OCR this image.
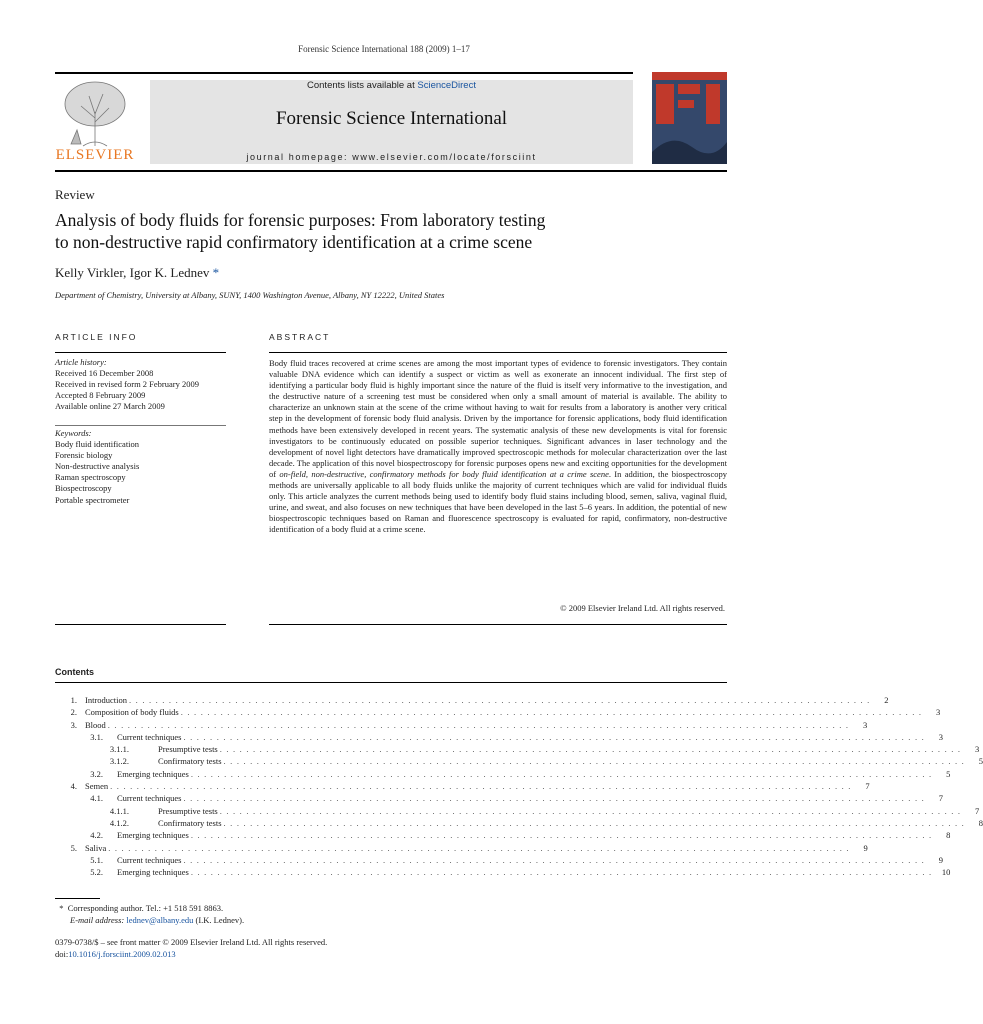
Forensic Science International 188 (2009) 1–17
ELSEVIER
Contents lists available at ScienceDirect
Forensic Science International
journal homepage: www.elsevier.com/locate/forsciint
Review
Analysis of body fluids for forensic purposes: From laboratory testing
to non-destructive rapid confirmatory identification at a crime scene
Kelly Virkler, Igor K. Lednev *
Department of Chemistry, University at Albany, SUNY, 1400 Washington Avenue, Albany, NY 12222, United States
ARTICLE INFO	ABSTRACT
Article history:
Received 16 December 2008
Received in revised form 2 February 2009
Accepted 8 February 2009
Available online 27 March 2009
Keywords:
Body fluid identification
Forensic biology
Non-destructive analysis
Raman spectroscopy
Biospectroscopy
Portable spectrometer
Body fluid traces recovered at crime scenes are among the most important types of evidence to forensic investigators. They contain valuable DNA evidence which can identify a suspect or victim as well as exonerate an innocent individual. The first step of identifying a particular body fluid is highly important since the nature of the fluid is itself very informative to the investigation, and the destructive nature of a screening test must be considered when only a small amount of material is available. The ability to characterize an unknown stain at the scene of the crime without having to wait for results from a laboratory is another very critical step in the development of forensic body fluid analysis. Driven by the importance for forensic applications, body fluid identification methods have been extensively developed in recent years. The systematic analysis of these new developments is vital for forensic investigators to be continuously educated on possible superior techniques. Significant advances in laser technology and the development of novel light detectors have dramatically improved spectroscopic methods for molecular characterization over the last decade. The application of this novel biospectroscopy for forensic purposes opens new and exciting opportunities for the development of on-field, non-destructive, confirmatory methods for body fluid identification at a crime scene. In addition, the biospectroscopy methods are universally applicable to all body fluids unlike the majority of current techniques which are valid for individual fluids only. This article analyzes the current methods being used to identify body fluid stains including blood, semen, saliva, vaginal fluid, urine, and sweat, and also focuses on new techniques that have been developed in the last 5–6 years. In addition, the potential of new biospectroscopic techniques based on Raman and fluorescence spectroscopy is evaluated for rapid, confirmatory, non-destructive identification of a body fluid at a crime scene.
© 2009 Elsevier Ireland Ltd. All rights reserved.
Contents
1. Introduction . . . . . . . . . . . . . . . . . . . . . . . . . . . . . . . . . . . . . . . . . . . . . . . . . . . . . . . . . . . . . . . . . . . . . . . . . . . . . . . . . . . . . . . . . . . . . . . . . . . . . . . . . . . . . . . .	2
2. Composition of body fluids . . . . . . . . . . . . . . . . . . . . . . . . . . . . . . . . . . . . . . . . . . . . . . . . . . . . . . . . . . . . . . . . . . . . . . . . . . . . . . . . . . . . . . . . . . . . . . . . . . . . . . . . . . . . . . . .	3
3. Blood . . . . . . . . . . . . . . . . . . . . . . . . . . . . . . . . . . . . . . . . . . . . . . . . . . . . . . . . . . . . . . . . . . . . . . . . . . . . . . . . . . . . . . . . . . . . . . . . . . . . . . . . . . . . . . . .	3
3.1.	Current techniques . . . . . . . . . . . . . . . . . . . . . . . . . . . . . . . . . . . . . . . . . . . . . . . . . . . . . . . . . . . . . . . . . . . . . . . . . . . . . . . . . . . . . . . . . . . . . . . . . . . . . . . . . . . . . . . .	3
3.1.1.	Presumptive tests . . . . . . . . . . . . . . . . . . . . . . . . . . . . . . . . . . . . . . . . . . . . . . . . . . . . . . . . . . . . . . . . . . . . . . . . . . . . . . . . . . . . . . . . . . . . . . . . . . . . . . . . . . . . . . . .	3
3.1.2.	Confirmatory tests . . . . . . . . . . . . . . . . . . . . . . . . . . . . . . . . . . . . . . . . . . . . . . . . . . . . . . . . . . . . . . . . . . . . . . . . . . . . . . . . . . . . . . . . . . . . . . . . . . . . . . . . . . . . . . . .	5
3.2.	Emerging techniques . . . . . . . . . . . . . . . . . . . . . . . . . . . . . . . . . . . . . . . . . . . . . . . . . . . . . . . . . . . . . . . . . . . . . . . . . . . . . . . . . . . . . . . . . . . . . . . . . . . . . . . . . . . . . . . .	5
4. Semen . . . . . . . . . . . . . . . . . . . . . . . . . . . . . . . . . . . . . . . . . . . . . . . . . . . . . . . . . . . . . . . . . . . . . . . . . . . . . . . . . . . . . . . . . . . . . . . . . . . . . . . . . . . . . . . .	7
4.1.	Current techniques . . . . . . . . . . . . . . . . . . . . . . . . . . . . . . . . . . . . . . . . . . . . . . . . . . . . . . . . . . . . . . . . . . . . . . . . . . . . . . . . . . . . . . . . . . . . . . . . . . . . . . . . . . . . . . . .	7
4.1.1.	Presumptive tests . . . . . . . . . . . . . . . . . . . . . . . . . . . . . . . . . . . . . . . . . . . . . . . . . . . . . . . . . . . . . . . . . . . . . . . . . . . . . . . . . . . . . . . . . . . . . . . . . . . . . . . . . . . . . . . .	7
4.1.2.	Confirmatory tests . . . . . . . . . . . . . . . . . . . . . . . . . . . . . . . . . . . . . . . . . . . . . . . . . . . . . . . . . . . . . . . . . . . . . . . . . . . . . . . . . . . . . . . . . . . . . . . . . . . . . . . . . . . . . . . .	8
4.2.	Emerging techniques . . . . . . . . . . . . . . . . . . . . . . . . . . . . . . . . . . . . . . . . . . . . . . . . . . . . . . . . . . . . . . . . . . . . . . . . . . . . . . . . . . . . . . . . . . . . . . . . . . . . . . . . . . . . . . . .	8
5. Saliva . . . . . . . . . . . . . . . . . . . . . . . . . . . . . . . . . . . . . . . . . . . . . . . . . . . . . . . . . . . . . . . . . . . . . . . . . . . . . . . . . . . . . . . . . . . . . . . . . . . . . . . . . . . . . . . .	9
5.1.	Current techniques . . . . . . . . . . . . . . . . . . . . . . . . . . . . . . . . . . . . . . . . . . . . . . . . . . . . . . . . . . . . . . . . . . . . . . . . . . . . . . . . . . . . . . . . . . . . . . . . . . . . . . . . . . . . . . . .	9
5.2.	Emerging techniques . . . . . . . . . . . . . . . . . . . . . . . . . . . . . . . . . . . . . . . . . . . . . . . . . . . . . . . . . . . . . . . . . . . . . . . . . . . . . . . . . . . . . . . . . . . . . . . . . . . . . . . . . . . . . . . .	10
* Corresponding author. Tel.: +1 518 591 8863.
E-mail address: lednev@albany.edu (I.K. Lednev).
0379-0738/$ – see front matter © 2009 Elsevier Ireland Ltd. All rights reserved.
doi:10.1016/j.forsciint.2009.02.013
